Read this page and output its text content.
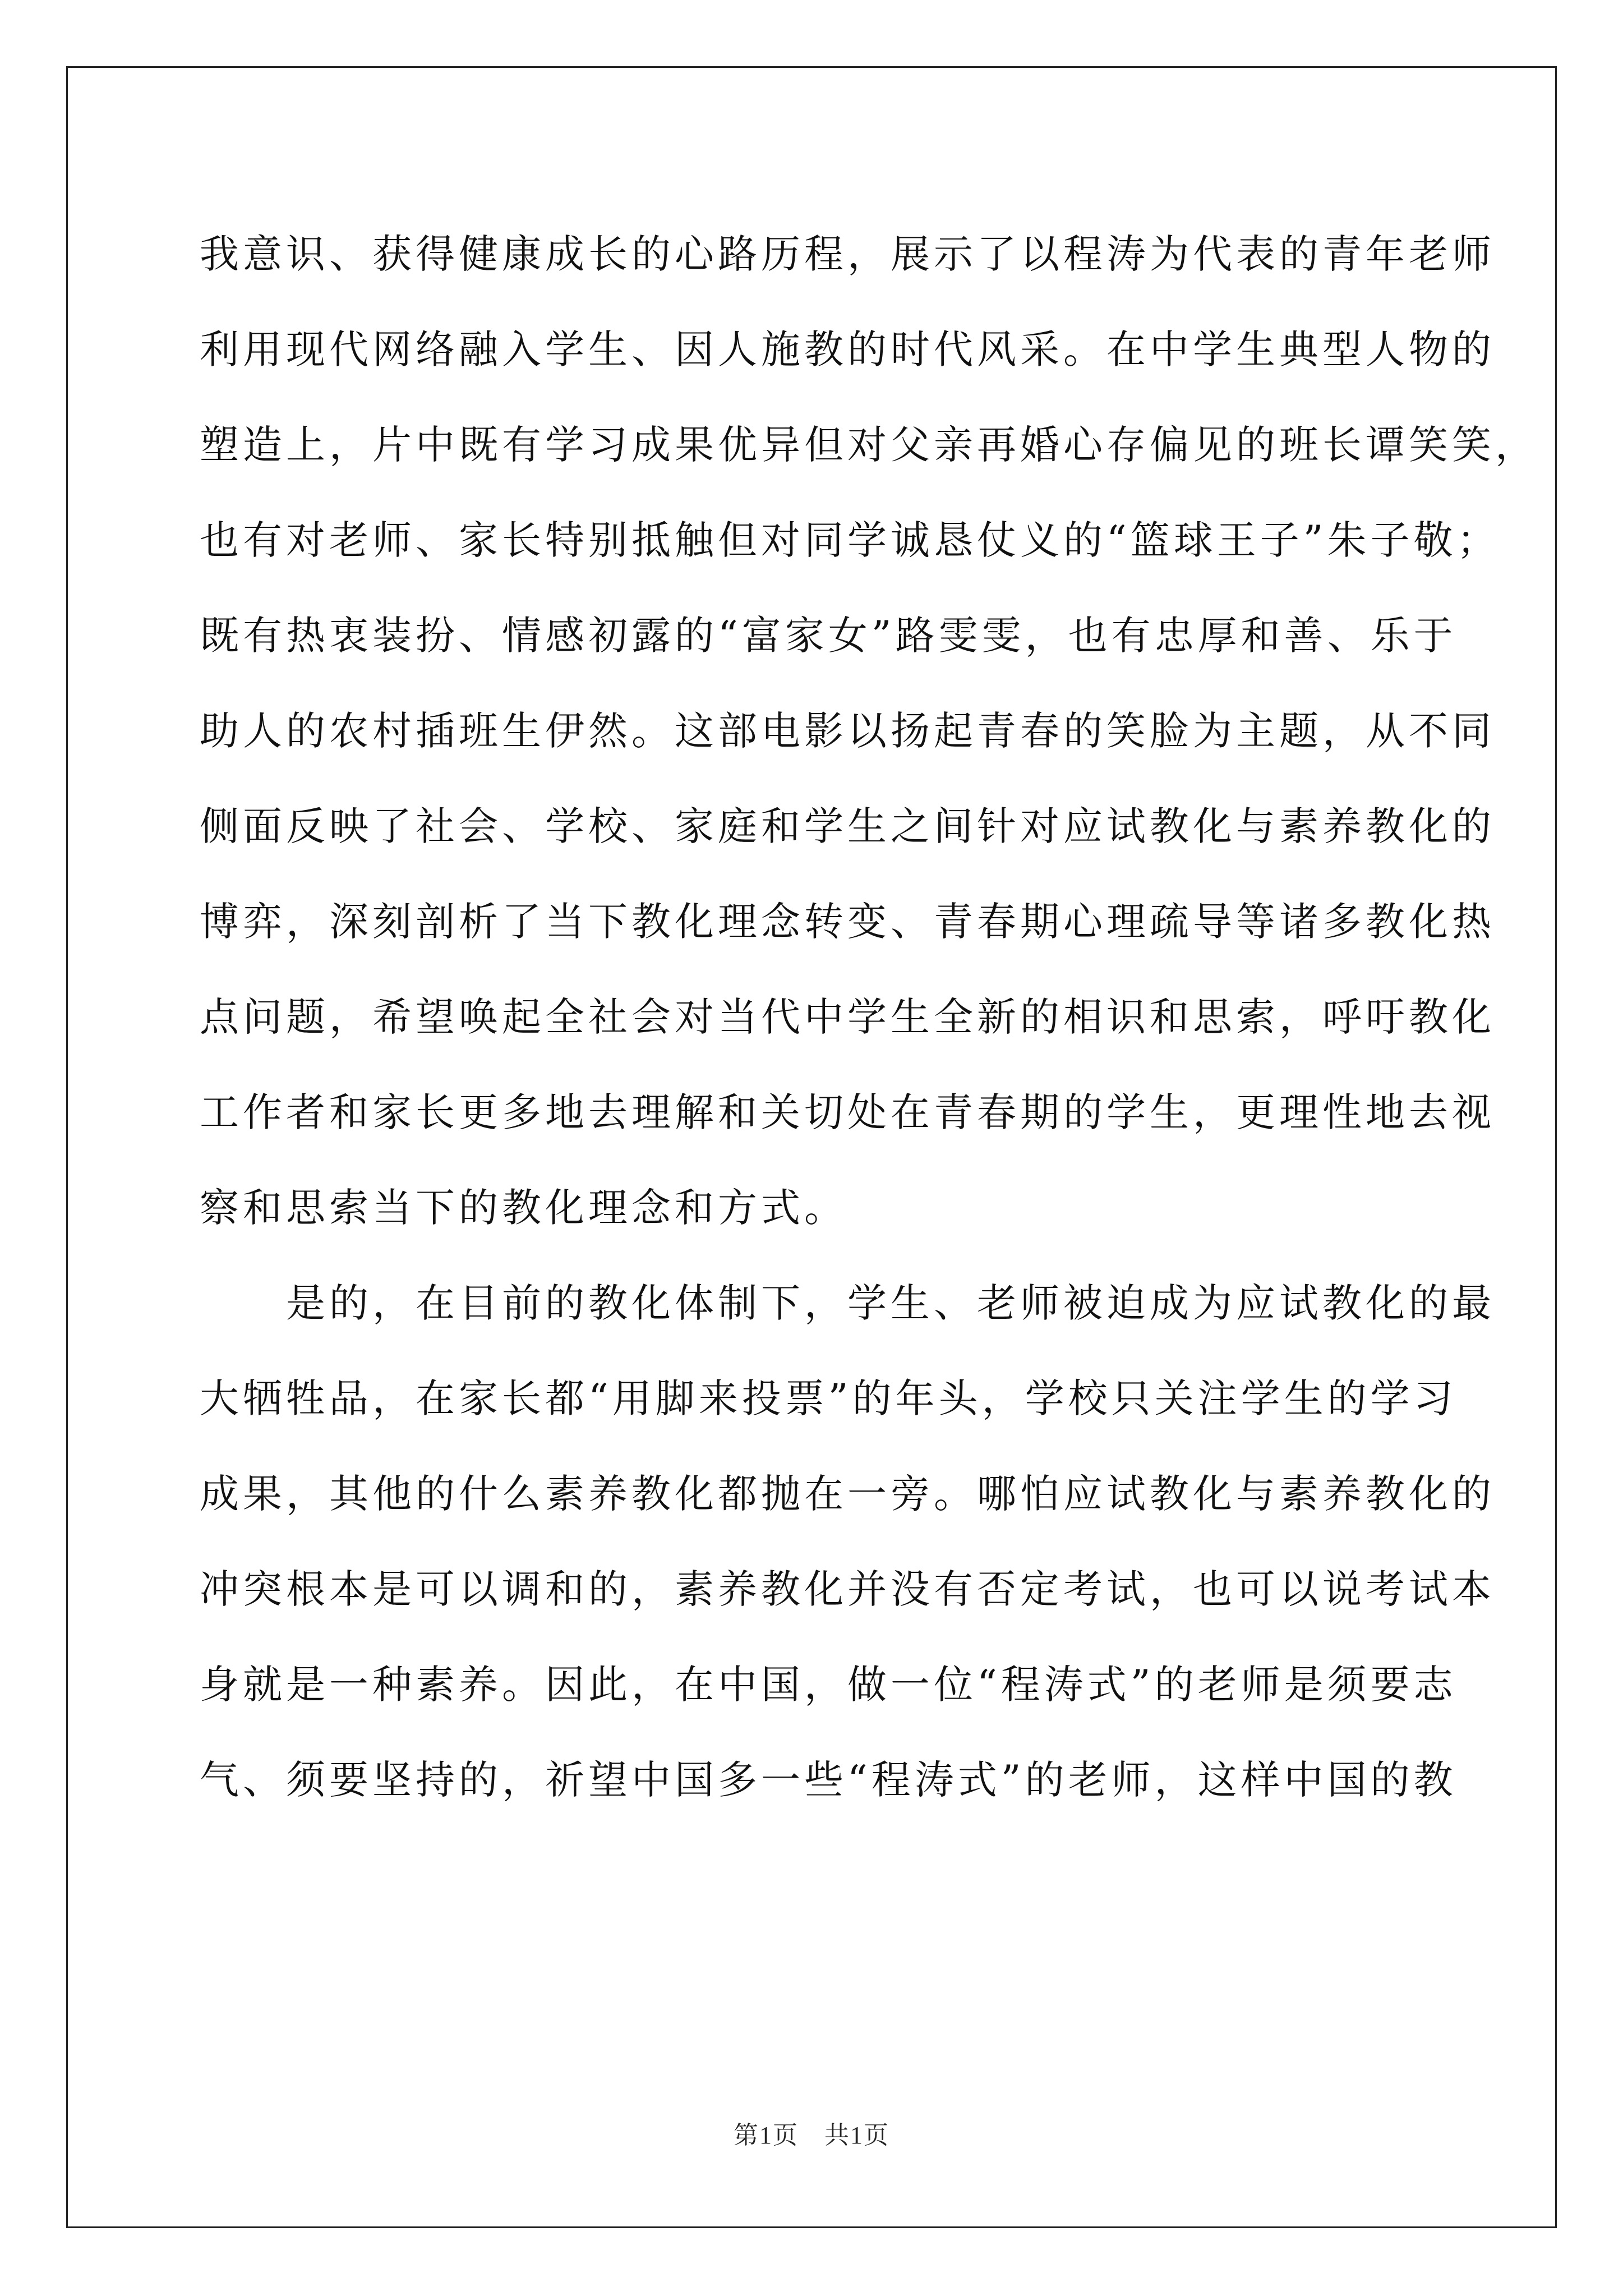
我意识、获得健康成长的心路历程，展示了以程涛为代表的青年老师
利用现代网络融入学生、因人施教的时代风采。在中学生典型人物的
塑造上，片中既有学习成果优异但对父亲再婚心存偏见的班长谭笑笑，
也有对老师、家长特别抵触但对同学诚恳仗义的“篮球王子”朱子敬；
既有热衷装扮、情感初露的“富家女”路雯雯，也有忠厚和善、乐于
助人的农村插班生伊然。这部电影以扬起青春的笑脸为主题，从不同
侧面反映了社会、学校、家庭和学生之间针对应试教化与素养教化的
博弈，深刻剖析了当下教化理念转变、青春期心理疏导等诸多教化热
点问题，希望唤起全社会对当代中学生全新的相识和思索，呼吁教化
工作者和家长更多地去理解和关切处在青春期的学生，更理性地去视
察和思索当下的教化理念和方式。
　　是的，在目前的教化体制下，学生、老师被迫成为应试教化的最
大牺牲品，在家长都“用脚来投票”的年头，学校只关注学生的学习
成果，其他的什么素养教化都抛在一旁。哪怕应试教化与素养教化的
冲突根本是可以调和的，素养教化并没有否定考试，也可以说考试本
身就是一种素养。因此，在中国，做一位“程涛式”的老师是须要志
气、须要坚持的，祈望中国多一些“程涛式”的老师，这样中国的教
第1页　共1页
